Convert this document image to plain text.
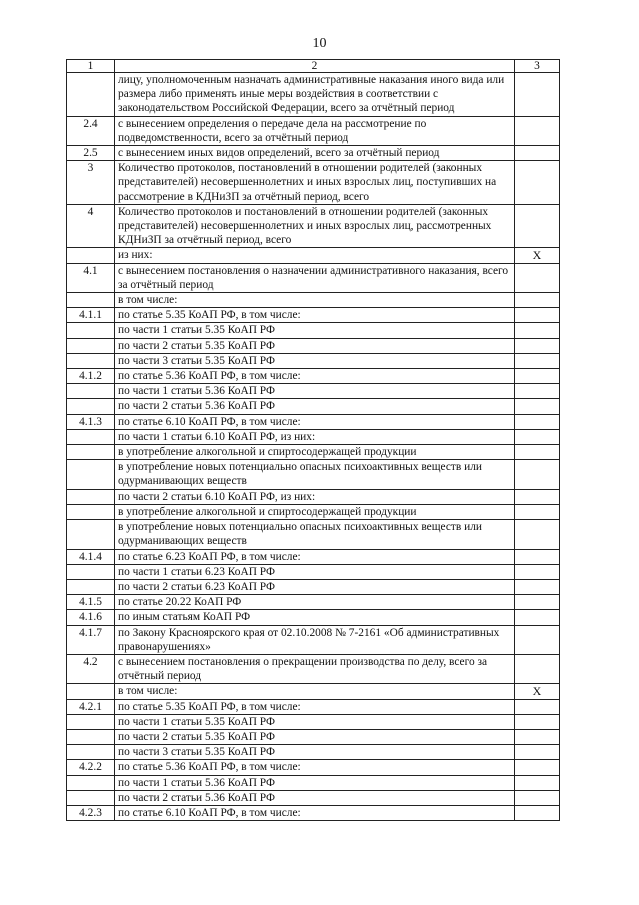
10
1	2	3
	лицу, уполномоченным назначать административные наказания иного вида или размера либо применять иные меры воздействия в соответствии с законодательством Российской Федерации, всего за отчётный период	
2.4	с вынесением определения о передаче дела на рассмотрение по подведомственности, всего за отчётный период	
2.5	с вынесением иных видов определений, всего за отчётный период	
3	Количество протоколов, постановлений в отношении родителей (законных представителей) несовершеннолетних и иных взрослых лиц, поступивших на рассмотрение в КДНиЗП за отчётный период, всего	
4	Количество протоколов и постановлений в отношении родителей (законных представителей) несовершеннолетних и иных взрослых лиц, рассмотренных КДНиЗП за отчётный период, всего	
	из них:	X
4.1	с вынесением постановления о назначении административного наказания, всего за отчётный период	
	в том числе:	
4.1.1	по статье 5.35 КоАП РФ, в том числе:	
	по части 1 статьи 5.35 КоАП РФ	
	по части 2 статьи 5.35 КоАП РФ	
	по части 3 статьи 5.35 КоАП РФ	
4.1.2	по статье 5.36 КоАП РФ, в том числе:	
	по части 1 статьи 5.36 КоАП РФ	
	по части 2 статьи 5.36 КоАП РФ	
4.1.3	по статье 6.10 КоАП РФ, в том числе:	
	по части 1 статьи 6.10 КоАП РФ, из них:	
	в употребление алкогольной и спиртосодержащей продукции	
	в употребление новых потенциально опасных психоактивных веществ или одурманивающих веществ	
	по части 2 статьи 6.10 КоАП РФ, из них:	
	в употребление алкогольной и спиртосодержащей продукции	
	в употребление новых потенциально опасных психоактивных веществ или одурманивающих веществ	
4.1.4	по статье 6.23 КоАП РФ, в том числе:	
	по части 1 статьи 6.23 КоАП РФ	
	по части 2 статьи 6.23 КоАП РФ	
4.1.5	по статье 20.22 КоАП РФ	
4.1.6	по иным статьям КоАП РФ	
4.1.7	по Закону Красноярского края от 02.10.2008 № 7-2161 «Об административных правонарушениях»	
4.2	с вынесением постановления о прекращении производства по делу, всего за отчётный период	
	в том числе:	X
4.2.1	по статье 5.35 КоАП РФ, в том числе:	
	по части 1 статьи 5.35 КоАП РФ	
	по части 2 статьи 5.35 КоАП РФ	
	по части 3 статьи 5.35 КоАП РФ	
4.2.2	по статье 5.36 КоАП РФ, в том числе:	
	по части 1 статьи 5.36 КоАП РФ	
	по части 2 статьи 5.36 КоАП РФ	
4.2.3	по статье 6.10 КоАП РФ, в том числе:	
